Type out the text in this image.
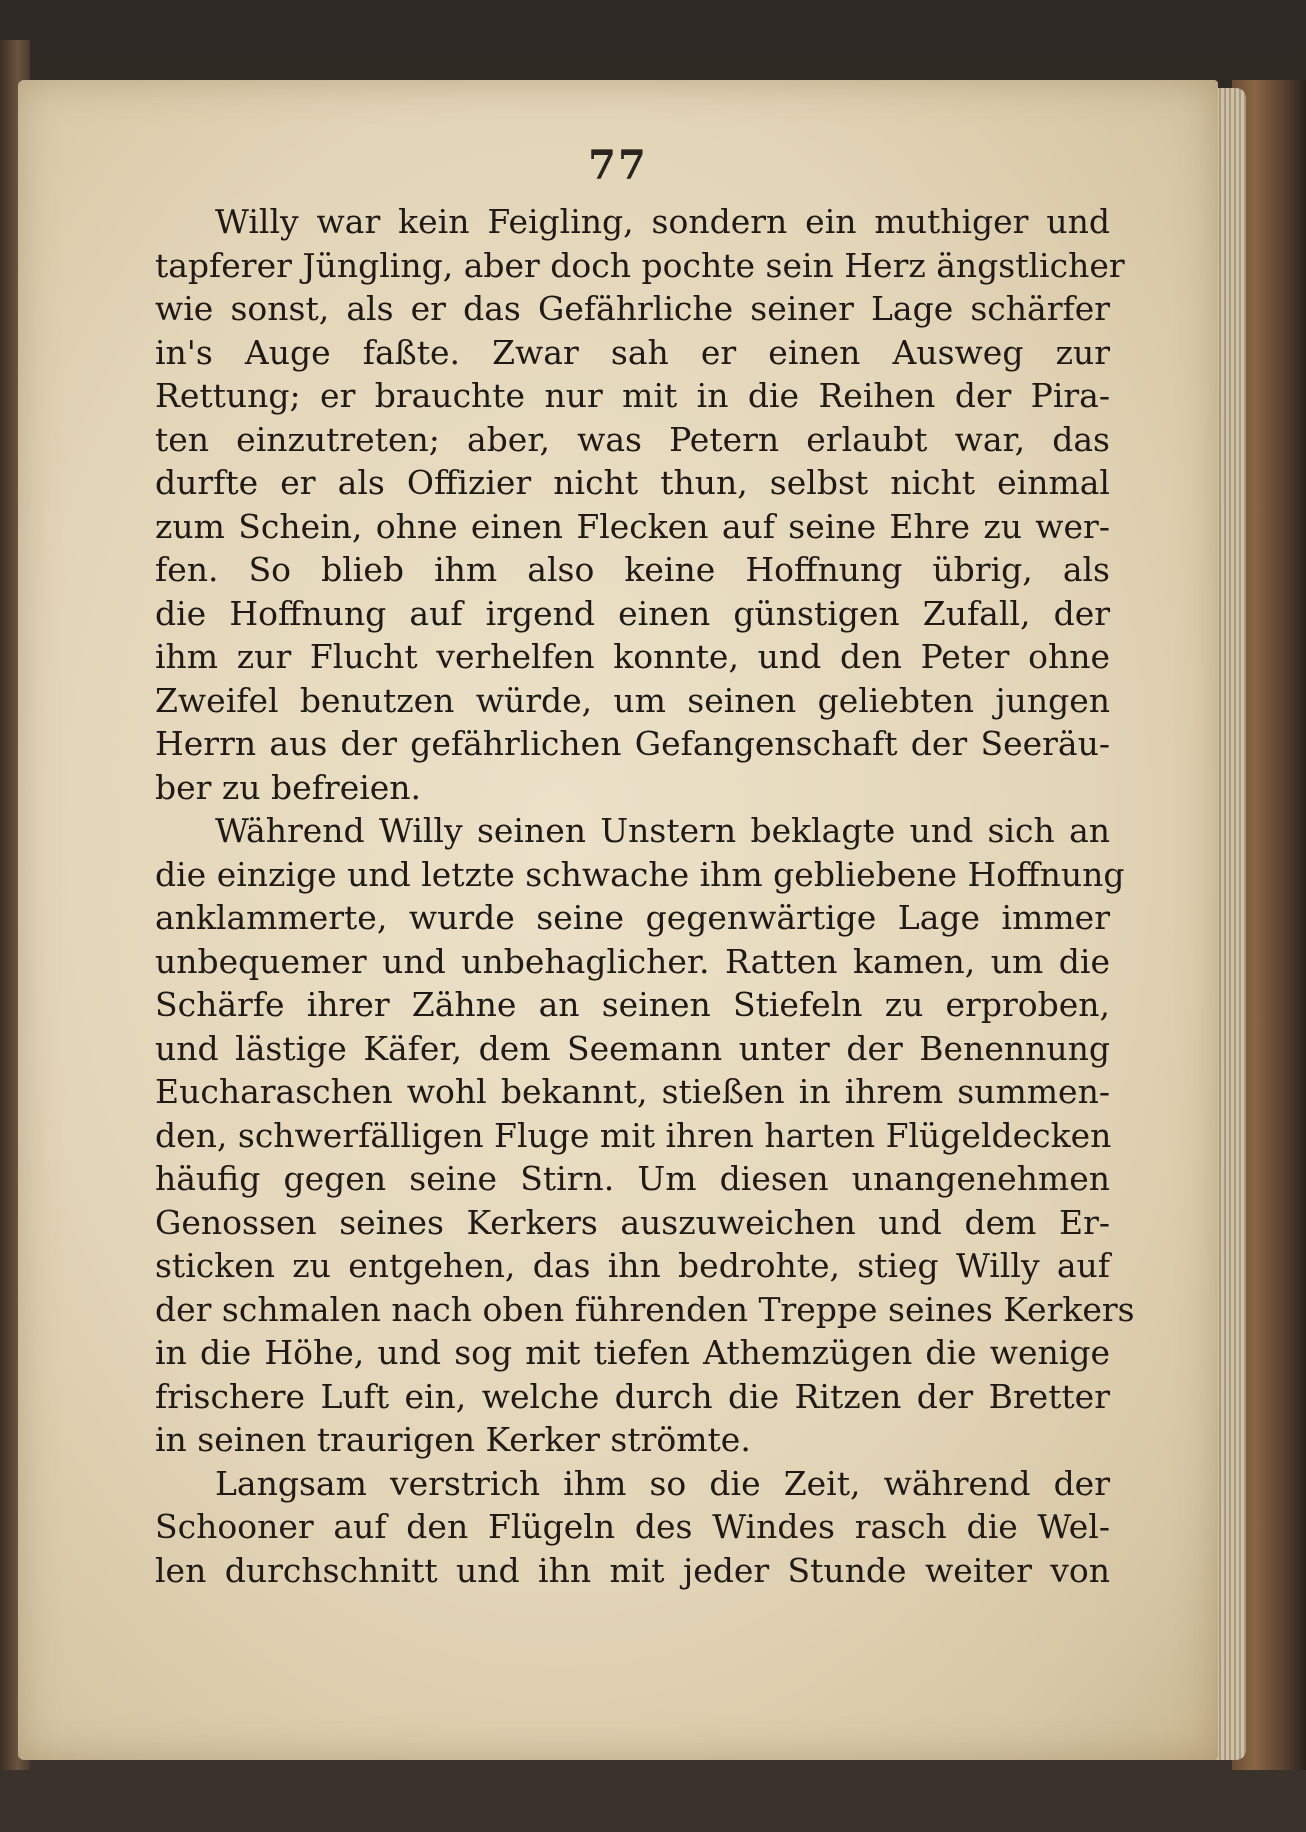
77
Willy war kein Feigling, sondern ein muthiger und
tapferer Jüngling, aber doch pochte sein Herz ängstlicher
wie sonst, als er das Gefährliche seiner Lage schärfer
in's Auge faßte. Zwar sah er einen Ausweg zur
Rettung; er brauchte nur mit in die Reihen der Pira-
ten einzutreten; aber, was Petern erlaubt war, das
durfte er als Offizier nicht thun, selbst nicht einmal
zum Schein, ohne einen Flecken auf seine Ehre zu wer-
fen. So blieb ihm also keine Hoffnung übrig, als
die Hoffnung auf irgend einen günstigen Zufall, der
ihm zur Flucht verhelfen konnte, und den Peter ohne
Zweifel benutzen würde, um seinen geliebten jungen
Herrn aus der gefährlichen Gefangenschaft der Seeräu-
ber zu befreien.
Während Willy seinen Unstern beklagte und sich an
die einzige und letzte schwache ihm gebliebene Hoffnung
anklammerte, wurde seine gegenwärtige Lage immer
unbequemer und unbehaglicher. Ratten kamen, um die
Schärfe ihrer Zähne an seinen Stiefeln zu erproben,
und lästige Käfer, dem Seemann unter der Benennung
Eucharaschen wohl bekannt, stießen in ihrem summen-
den, schwerfälligen Fluge mit ihren harten Flügeldecken
häufig gegen seine Stirn. Um diesen unangenehmen
Genossen seines Kerkers auszuweichen und dem Er-
sticken zu entgehen, das ihn bedrohte, stieg Willy auf
der schmalen nach oben führenden Treppe seines Kerkers
in die Höhe, und sog mit tiefen Athemzügen die wenige
frischere Luft ein, welche durch die Ritzen der Bretter
in seinen traurigen Kerker strömte.
Langsam verstrich ihm so die Zeit, während der
Schooner auf den Flügeln des Windes rasch die Wel-
len durchschnitt und ihn mit jeder Stunde weiter von
